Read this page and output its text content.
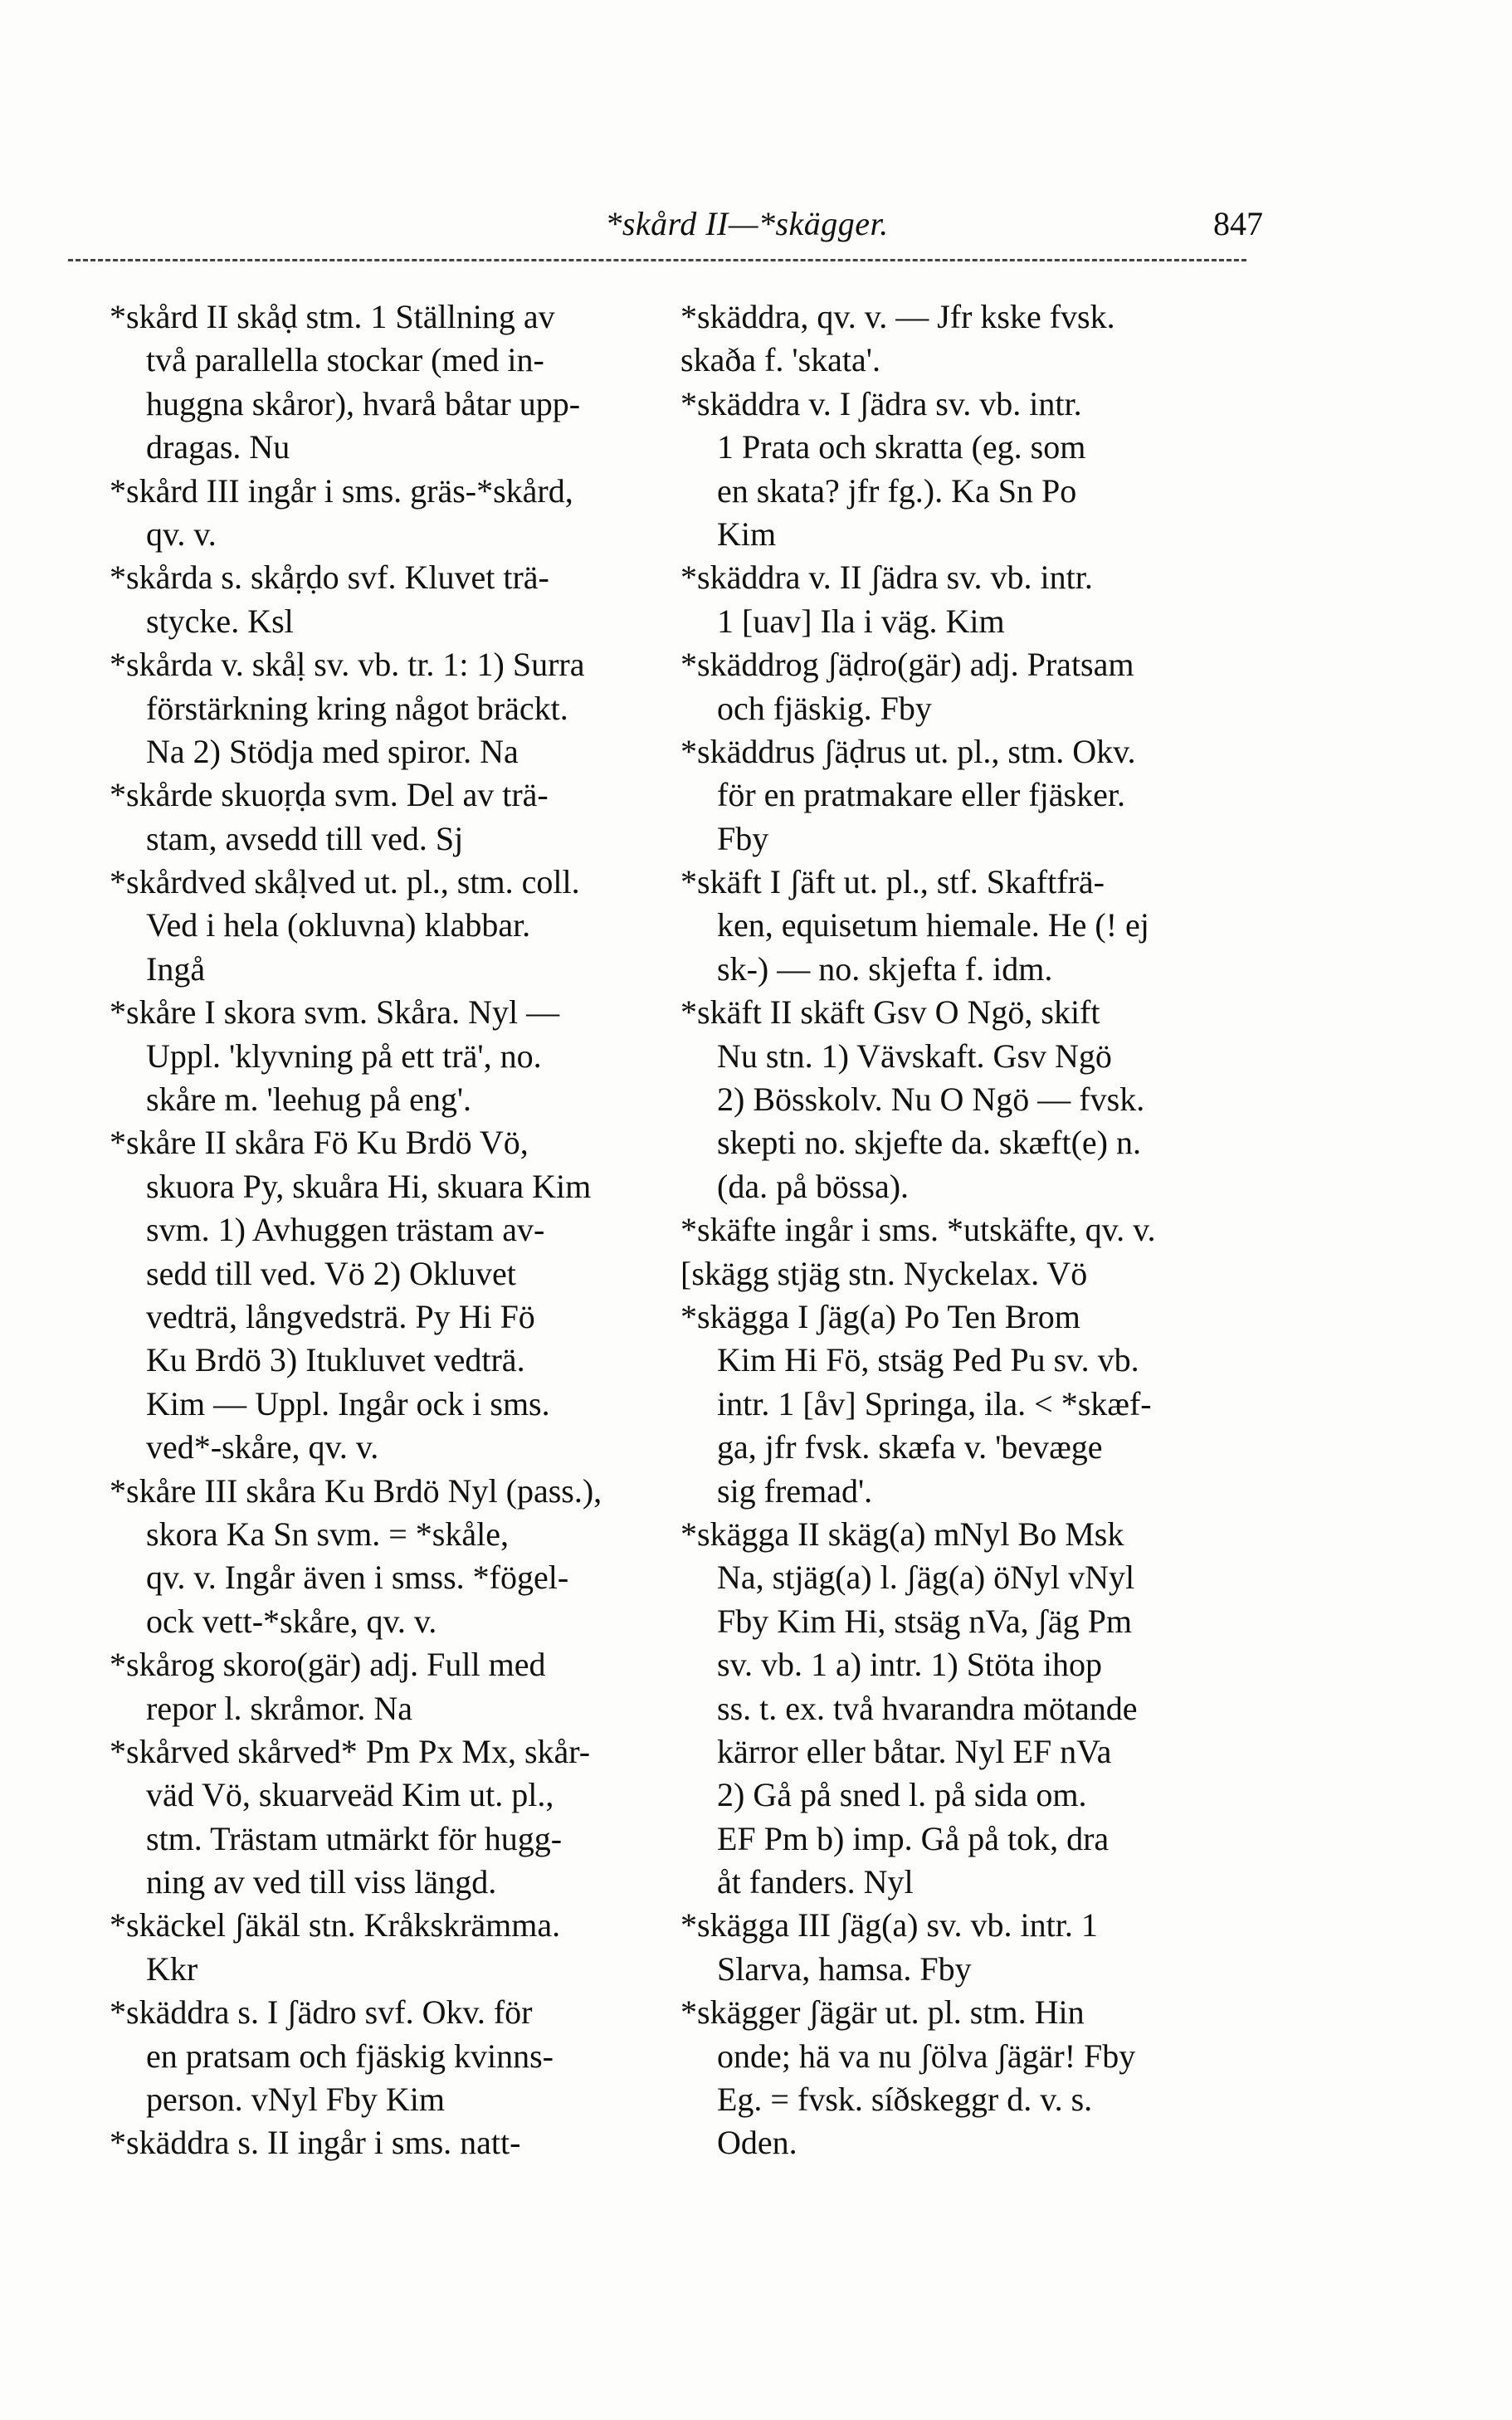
*skård II—*skägger.	847
*skård II skåḍ stm. 1 Ställning av
två parallella stockar (med in-
huggna skåror), hvarå båtar upp-
dragas. Nu
*skård III ingår i sms. gräs-*skård,
qv. v.
*skårda s. skåṛḍo svf. Kluvet trä-
stycke. Ksl
*skårda v. skåḷ sv. vb. tr. 1: 1) Surra
förstärkning kring något bräckt.
Na 2) Stödja med spiror. Na
*skårde skuoṛḍa svm. Del av trä-
stam, avsedd till ved. Sj
*skårdved skåḷved ut. pl., stm. coll.
Ved i hela (okluvna) klabbar.
Ingå
*skåre I skora svm. Skåra. Nyl —
Uppl. 'klyvning på ett trä', no.
skåre m. 'leehug på eng'.
*skåre II skåra Fö Ku Brdö Vö,
skuora Py, skuåra Hi, skuara Kim
svm. 1) Avhuggen trästam av-
sedd till ved. Vö 2) Okluvet
vedträ, långvedsträ. Py Hi Fö
Ku Brdö 3) Itukluvet vedträ.
Kim — Uppl. Ingår ock i sms.
ved*-skåre, qv. v.
*skåre III skåra Ku Brdö Nyl (pass.),
skora Ka Sn svm. = *skåle,
qv. v. Ingår även i smss. *fögel-
ock vett-*skåre, qv. v.
*skårog skoro(gär) adj. Full med
repor l. skråmor. Na
*skårved skårved* Pm Px Mx, skår-
väd Vö, skuarveäd Kim ut. pl.,
stm. Trästam utmärkt för hugg-
ning av ved till viss längd.
*skäckel ʃäkäl stn. Kråkskrämma.
Kkr
*skäddra s. I ʃädro svf. Okv. för
en pratsam och fjäskig kvinns-
person. vNyl Fby Kim
*skäddra s. II ingår i sms. natt-
*skäddra, qv. v. — Jfr kske fvsk.
skaða f. 'skata'.
*skäddra v. I ʃädra sv. vb. intr.
1 Prata och skratta (eg. som
en skata? jfr fg.). Ka Sn Po
Kim
*skäddra v. II ʃädra sv. vb. intr.
1 [uav] Ila i väg. Kim
*skäddrog ʃäḍro(gär) adj. Pratsam
och fjäskig. Fby
*skäddrus ʃäḍrus ut. pl., stm. Okv.
för en pratmakare eller fjäsker.
Fby
*skäft I ʃäft ut. pl., stf. Skaftfrä-
ken, equisetum hiemale. He (! ej
sk-) — no. skjefta f. idm.
*skäft II skäft Gsv O Ngö, skift
Nu stn. 1) Vävskaft. Gsv Ngö
2) Bösskolv. Nu O Ngö — fvsk.
skepti no. skjefte da. skæft(e) n.
(da. på bössa).
*skäfte ingår i sms. *utskäfte, qv. v.
[skägg stjäg stn. Nyckelax. Vö
*skägga I ʃäg(a) Po Ten Brom
Kim Hi Fö, stsäg Ped Pu sv. vb.
intr. 1 [åv] Springa, ila. < *skæf-
ga, jfr fvsk. skæfa v. 'bevæge
sig fremad'.
*skägga II skäg(a) mNyl Bo Msk
Na, stjäg(a) l. ʃäg(a) öNyl vNyl
Fby Kim Hi, stsäg nVa, ʃäg Pm
sv. vb. 1 a) intr. 1) Stöta ihop
ss. t. ex. två hvarandra mötande
kärror eller båtar. Nyl EF nVa
2) Gå på sned l. på sida om.
EF Pm b) imp. Gå på tok, dra
åt fanders. Nyl
*skägga III ʃäg(a) sv. vb. intr. 1
Slarva, hamsa. Fby
*skägger ʃägär ut. pl. stm. Hin
onde; hä va nu ʃölva ʃägär! Fby
Eg. = fvsk. síðskeggr d. v. s.
Oden.
